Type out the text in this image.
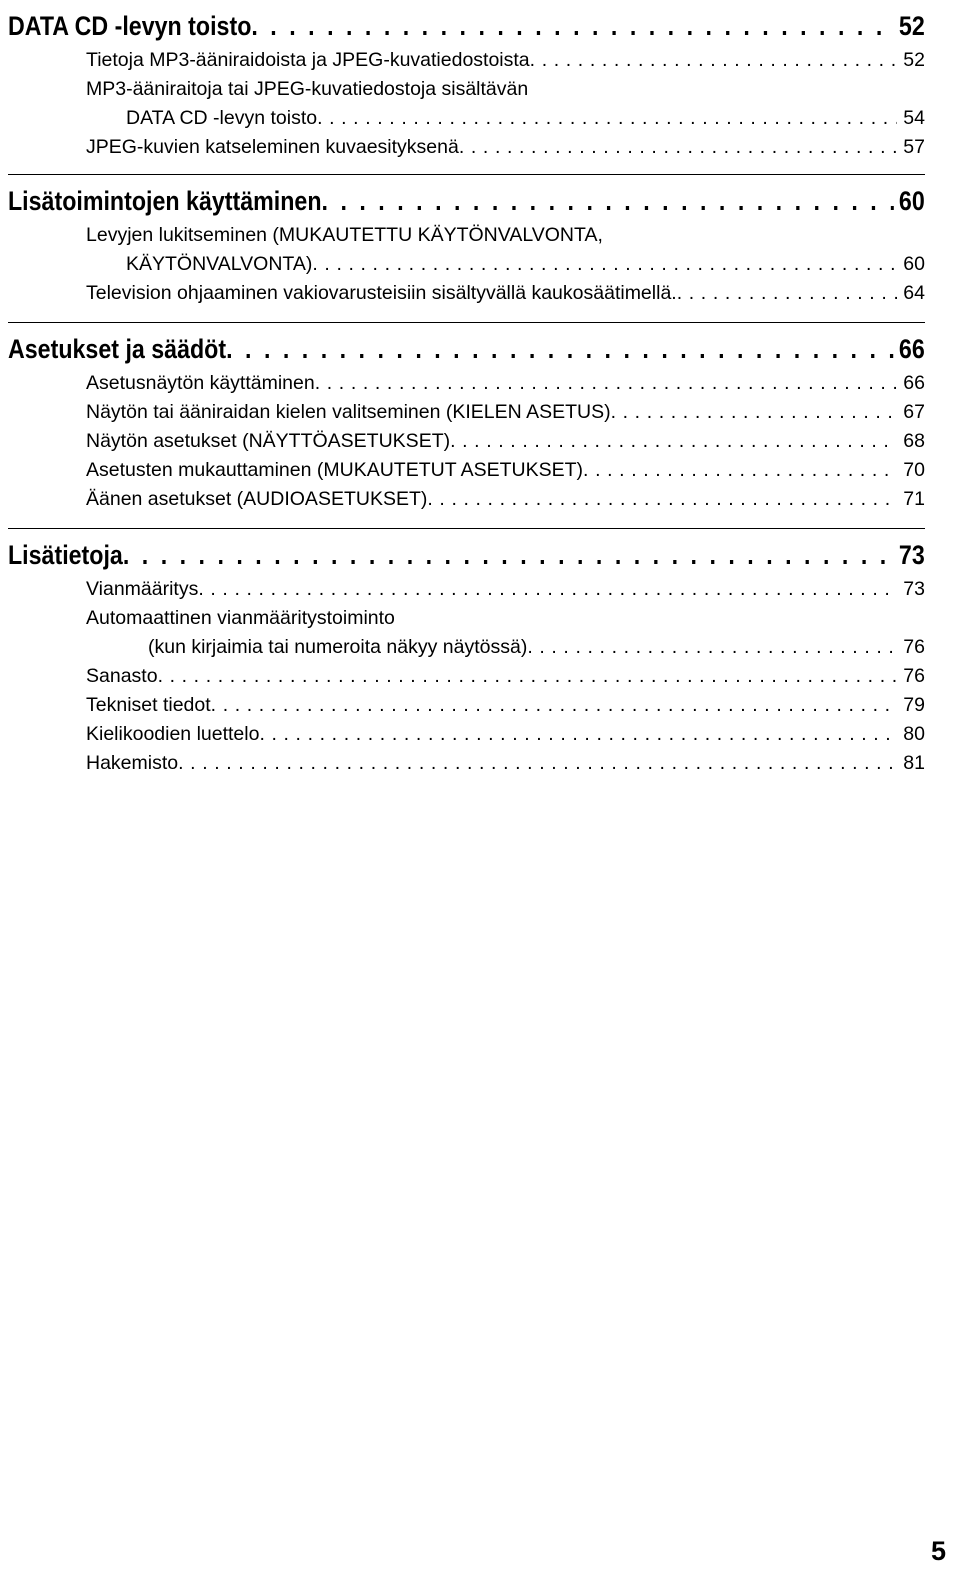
DATA CD -levyn toisto . . .	52
Tietoja MP3-ääniraidoista ja JPEG-kuvatiedostoista . . .	52
MP3-ääniraitoja tai JPEG-kuvatiedostoja sisältävän
DATA CD -levyn toisto . . .	54
JPEG-kuvien katseleminen kuvaesityksenä . . .	57
Lisätoimintojen käyttäminen . . .	60
Levyjen lukitseminen (MUKAUTETTU KÄYTÖNVALVONTA,
KÄYTÖNVALVONTA) . . .	60
Television ohjaaminen vakiovarusteisiin sisältyvällä kaukosäätimellä. . . .	64
Asetukset ja säädöt . . .	66
Asetusnäytön käyttäminen . . .	66
Näytön tai ääniraidan kielen valitseminen (KIELEN ASETUS) . . .	67
Näytön asetukset (NÄYTTÖASETUKSET) . . .	68
Asetusten mukauttaminen (MUKAUTETUT ASETUKSET) . . .	70
Äänen asetukset (AUDIOASETUKSET) . . .	71
Lisätietoja . . .	73
Vianmääritys . . .	73
Automaattinen vianmääritystoiminto
(kun kirjaimia tai numeroita näkyy näytössä) . . .	76
Sanasto . . .	76
Tekniset tiedot . . .	79
Kielikoodien luettelo . . .	80
Hakemisto . . .	81
5
